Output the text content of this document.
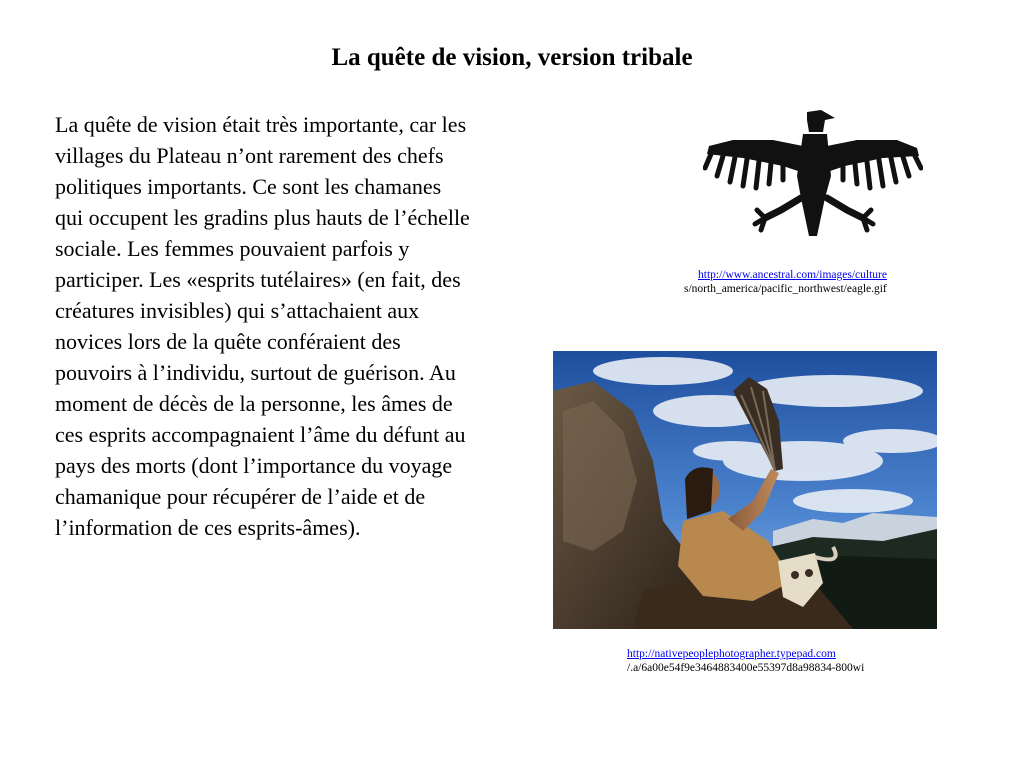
La quête de vision, version tribale
La quête de vision était très importante, car les villages du Plateau n’ont rarement des chefs politiques importants. Ce sont les chamanes qui occupent les gradins plus hauts de l’échelle sociale. Les femmes pouvaient parfois y participer. Les «esprits tutélaires» (en fait, des créatures invisibles) qui s’attachaient aux novices lors de la quête conféraient des pouvoirs à l’individu, surtout de guérison. Au moment de décès de la personne, les âmes de ces esprits accompagnaient l’âme du défunt au pays des morts (dont l’importance du voyage chamanique pour récupérer de l’aide et de l’information de ces esprits-âmes).
http://www.ancestral.com/images/culture
s/north_america/pacific_northwest/eagle.gif
http://nativepeoplephotographer.typepad.com
/.a/6a00e54f9e3464883400e55397d8a98834-800wi
